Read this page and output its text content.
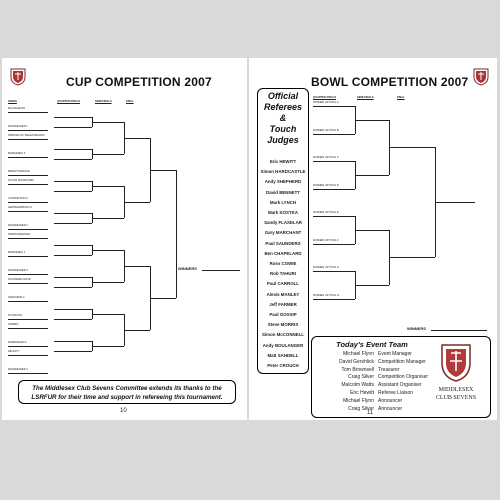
CUP COMPETITION 2007
SEEDS	QUARTER-FINALS	SEMI-FINALS	FINAL
BLACKHEATH
RANSKETEER 1
PRINCES OF WALES REGION
MIDDLESEX 2
BRIGHTON/HOVE
SOUTH WOODFORD
CONSORTIUM 2
LEWISHAM/SOUTH
RANSKETEER 2
SPARTAN/KENLEY
MIDDLESEX 1
RANSKETEER 3
SOUTHERN HOVE
SARACENS 2
PLYMOUTH
SURREY
DOWDISHAM 2
FELICITY
RANSKETEER 4
WINNERS
The Middlesex Club Sevens Committee extends its thanks to the LSRFUR for their time and support in refereeing this tournament.
10
BOWL COMPETITION 2007
QUARTER-FINALS	SEMI-FINALS	FINAL
Official
Referees
&
Touch
Judges
Eric HEWITT
Simon HARDCASTLE
Andy SHEPHERD
David BENNETT
Mark LYNCH
Mark KOSTKA
Sandy FLAXELAR
Gary MARCHANT
Paul SAUNDERS
Ben CHAPELARD
Ross COWIE
Rob TAHURI
Paul CARROLL
Alexis MANLEY
Jeff FARMER
Paul GOSSIP
Steve MORRIS
Simon McCONNELL
Andy BOULANGER
Matt SANDELL
Peter CROUCH
RUNNER UP POOL A
RUNNER UP POOL B
RUNNER UP POOL C
RUNNER UP POOL D
RUNNER UP POOL E
RUNNER UP POOL F
RUNNER UP POOL G
RUNNER UP POOL H
WINNERS
Today's Event Team
Michael Flynn Event Manager
David Gershlick Competition Manager
Tom Brownsell Treasurer
Craig Silver Competition Organiser
Malcolm Watts Assistant Organiser
Eric Hewitt Referee Liaison
Michael Flynn Announcer
Craig Silver Announcer
MIDDLESEX
CLUB SEVENS
11
